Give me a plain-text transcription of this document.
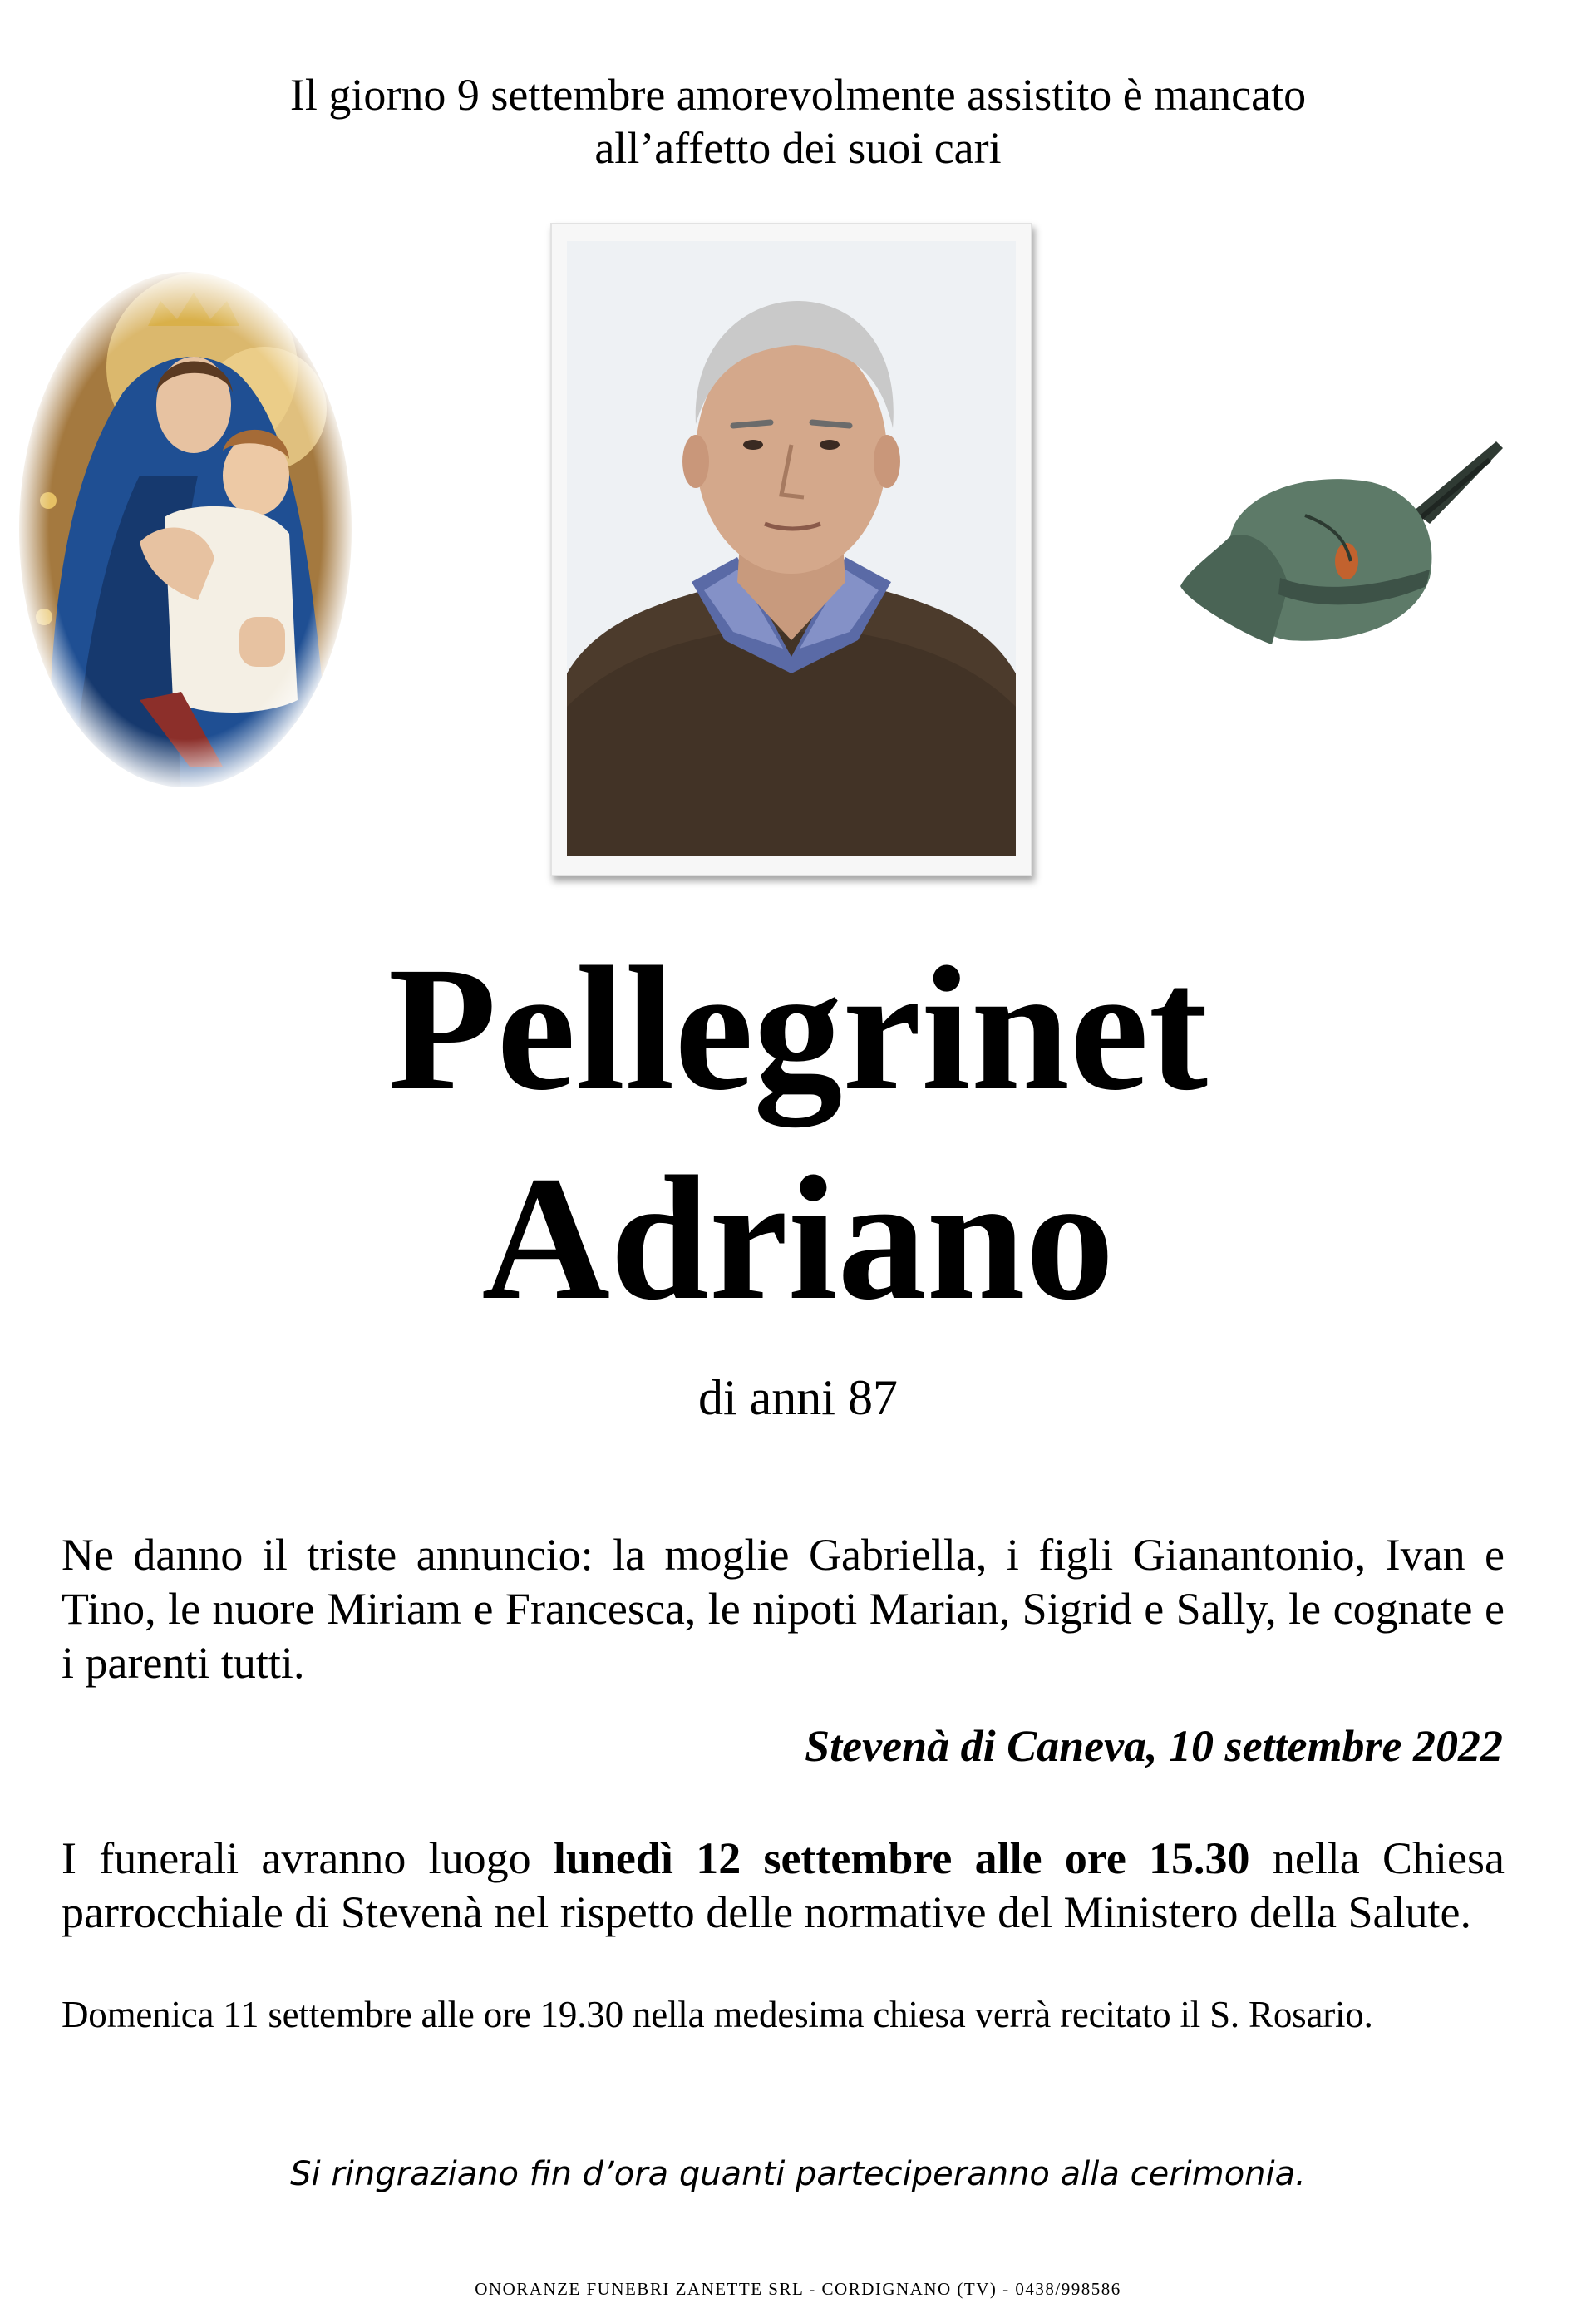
Il giorno 9 settembre amorevolmente assistito è mancato
all’affetto dei suoi cari
Pellegrinet
Adriano
di anni 87
Ne danno il triste annuncio: la moglie Gabriella, i figli Gianantonio, Ivan e Tino, le nuore Miriam e Francesca, le nipoti Marian, Sigrid e Sally, le cognate e i parenti tutti.
Stevenà di Caneva, 10 settembre 2022
I funerali avranno luogo lunedì 12 settembre alle ore 15.30 nella Chiesa parrocchiale di Stevenà nel rispetto delle normative del Ministero della Salute.
Domenica 11 settembre alle ore 19.30 nella medesima chiesa verrà recitato il S. Rosario.
Si ringraziano fin d’ora quanti parteciperanno alla cerimonia.
ONORANZE FUNEBRI ZANETTE SRL - CORDIGNANO (TV) - 0438/998586
